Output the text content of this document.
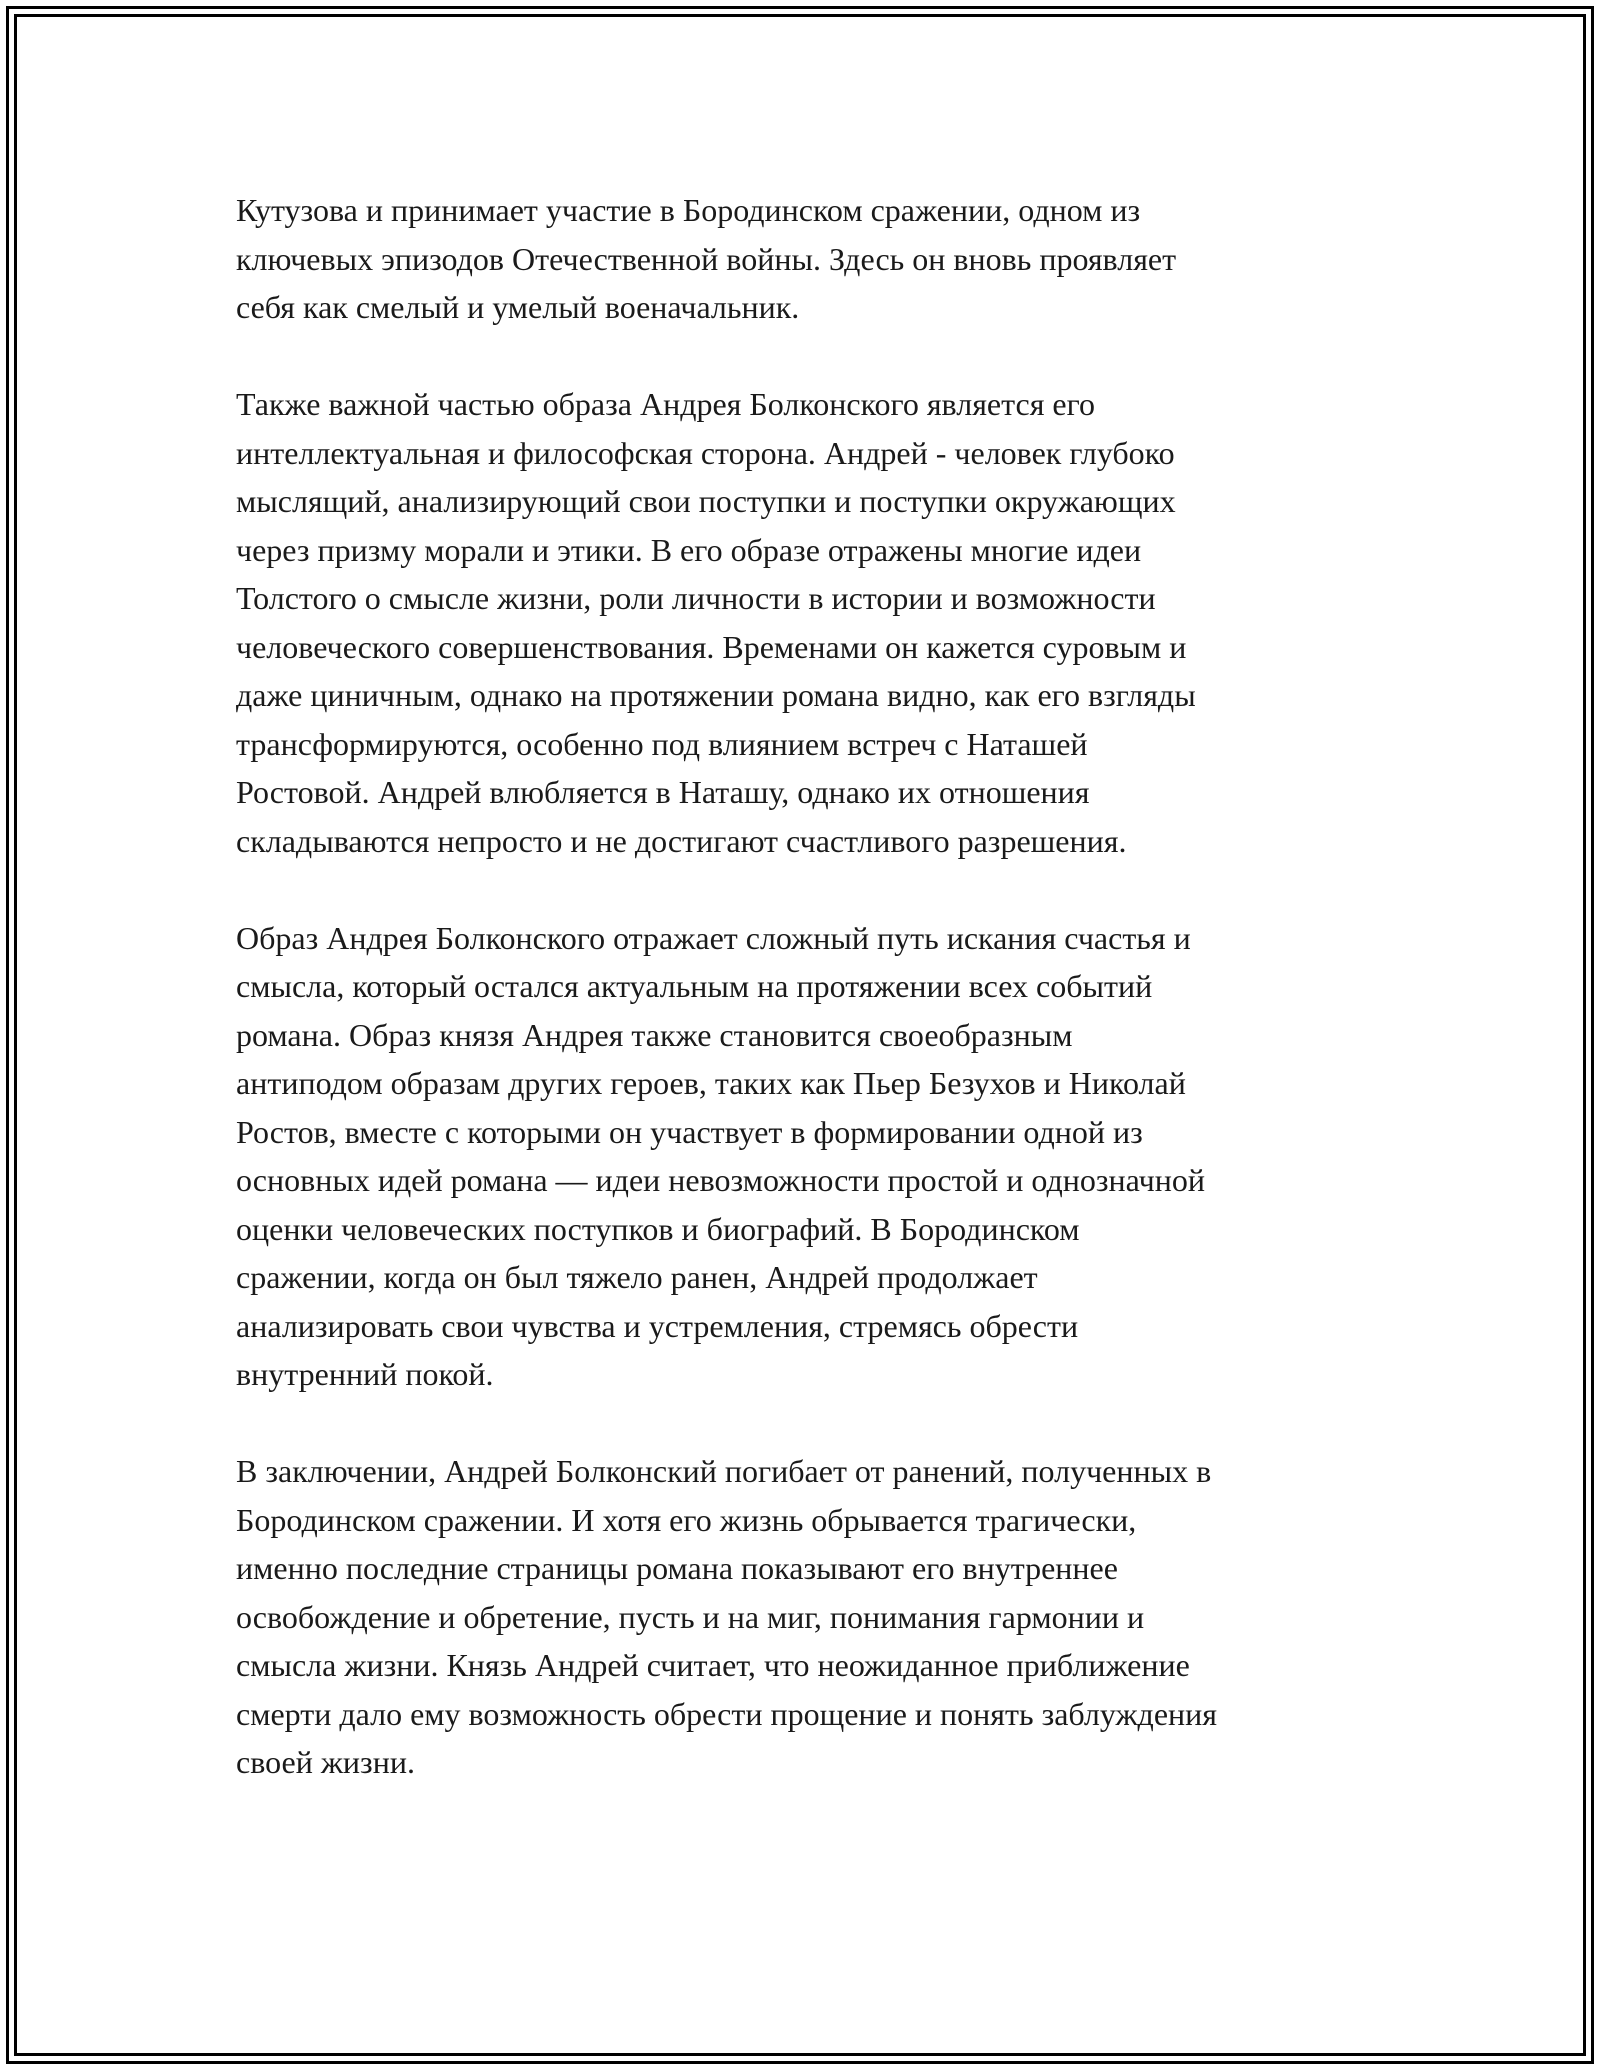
Кутузова и принимает участие в Бородинском сражении, одном из
ключевых эпизодов Отечественной войны. Здесь он вновь проявляет
себя как смелый и умелый военачальник.

Также важной частью образа Андрея Болконского является его
интеллектуальная и философская сторона. Андрей - человек глубоко
мыслящий, анализирующий свои поступки и поступки окружающих
через призму морали и этики. В его образе отражены многие идеи
Толстого о смысле жизни, роли личности в истории и возможности
человеческого совершенствования. Временами он кажется суровым и
даже циничным, однако на протяжении романа видно, как его взгляды
трансформируются, особенно под влиянием встреч с Наташей
Ростовой. Андрей влюбляется в Наташу, однако их отношения
складываются непросто и не достигают счастливого разрешения.

Образ Андрея Болконского отражает сложный путь искания счастья и
смысла, который остался актуальным на протяжении всех событий
романа. Образ князя Андрея также становится своеобразным
антиподом образам других героев, таких как Пьер Безухов и Николай
Ростов, вместе с которыми он участвует в формировании одной из
основных идей романа — идеи невозможности простой и однозначной
оценки человеческих поступков и биографий. В Бородинском
сражении, когда он был тяжело ранен, Андрей продолжает
анализировать свои чувства и устремления, стремясь обрести
внутренний покой.

В заключении, Андрей Болконский погибает от ранений, полученных в
Бородинском сражении. И хотя его жизнь обрывается трагически,
именно последние страницы романа показывают его внутреннее
освобождение и обретение, пусть и на миг, понимания гармонии и
смысла жизни. Князь Андрей считает, что неожиданное приближение
смерти дало ему возможность обрести прощение и понять заблуждения
своей жизни.
